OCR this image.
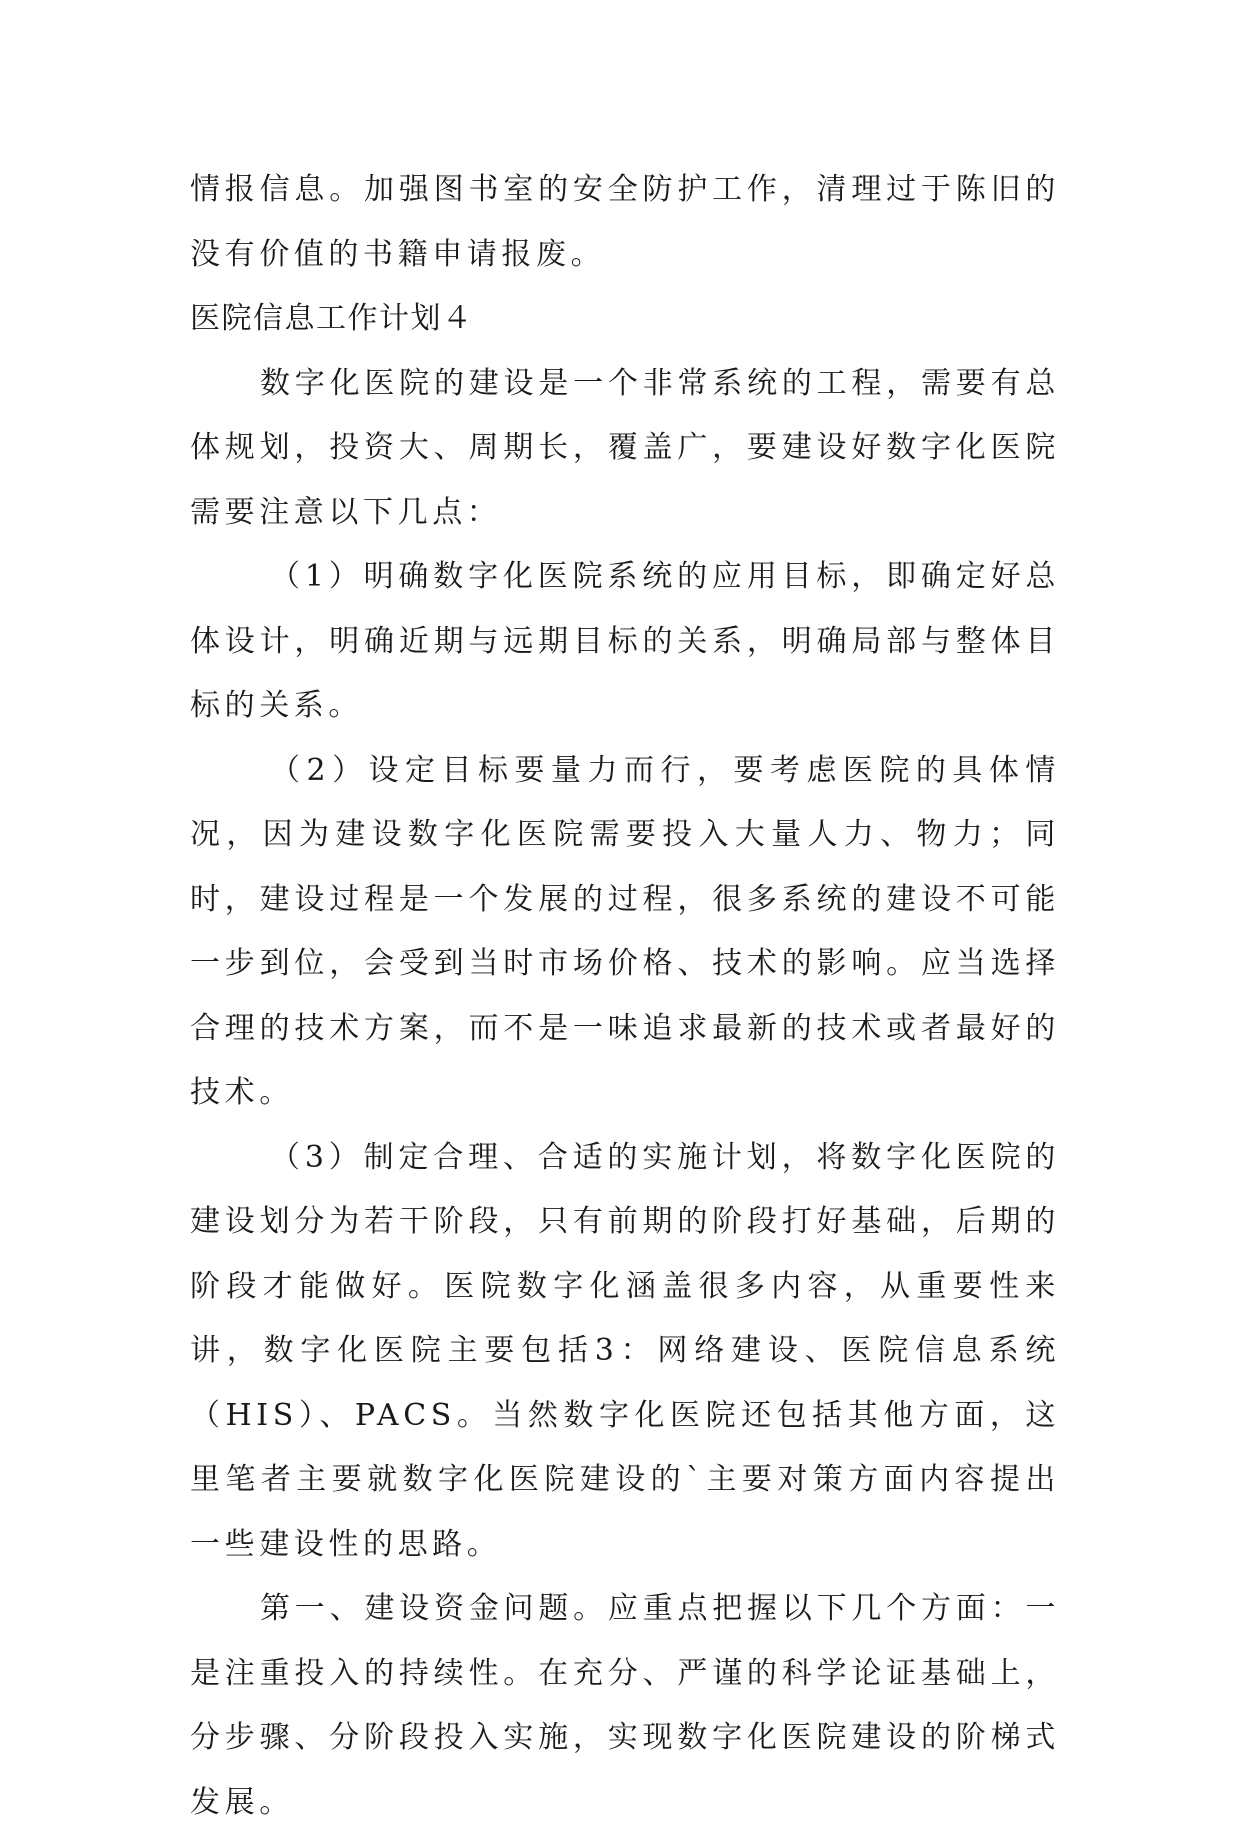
情报信息。加强图书室的安全防护工作，清理过于陈旧的没有价值的书籍申请报废。

医院信息工作计划４

数字化医院的建设是一个非常系统的工程，需要有总体规划，投资大、周期长，覆盖广，要建设好数字化医院需要注意以下几点：

（1）明确数字化医院系统的应用目标，即确定好总体设计，明确近期与远期目标的关系，明确局部与整体目标的关系。

（2）设定目标要量力而行，要考虑医院的具体情况，因为建设数字化医院需要投入大量人力、物力；同时，建设过程是一个发展的过程，很多系统的建设不可能一步到位，会受到当时市场价格、技术的影响。应当选择合理的技术方案，而不是一味追求最新的技术或者最好的技术。

（3）制定合理、合适的实施计划，将数字化医院的建设划分为若干阶段，只有前期的阶段打好基础，后期的阶段才能做好。医院数字化涵盖很多内容，从重要性来讲，数字化医院主要包括3：网络建设、医院信息系统（HIS）、PACS。当然数字化医院还包括其他方面，这里笔者主要就数字化医院建设的`主要对策方面内容提出一些建设性的思路。

第一、建设资金问题。应重点把握以下几个方面：一是注重投入的持续性。在充分、严谨的科学论证基础上，分步骤、分阶段投入实施，实现数字化医院建设的阶梯式发展。
